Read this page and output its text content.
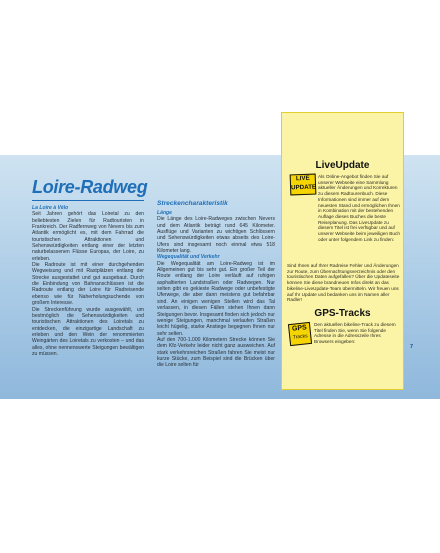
Loire-Radweg

La Loire à Vélo

Seit Jahren gehört das Loiretal zu den beliebtesten Zielen für Radtouristen in Frankreich. Der Radfernweg von Nevers bis zum Atlantik ermöglicht es, mit dem Fahrrad die touristischen Attraktionen und Sehenswürdigkeiten entlang einer der letzten naturbelassenen Flüsse Europas, der Loire, zu erleben.

Die Radroute ist mit einer durchgehenden Wegweisung und mit Rastplätzen entlang der Strecke ausgestattet und gut ausgebaut. Durch die Einbindung von Bahnanschlüssen ist die Radroute entlang der Loire für Radreisende ebenso wie für Naherholungsuchende von großem Interesse.

Die Streckenführung wurde ausgewählt, um bestmöglich die Sehenswürdigkeiten und touristischen Attraktionen des Loiretals zu entdecken, die einzigartige Landschaft zu erleben und den Wein der renommierten Weingärten des Loiretals zu verkosten – und das alles, ohne nennenswerte Steigungen bewältigen zu müssen.

Streckencharakteristik

Länge

Die Länge des Loire-Radweges zwischen Nevers und dem Atlantik beträgt rund 645 Kilometer. Ausflüge und Varianten zu wichtigen Schlössern und Sehenswürdigkeiten etwas abseits des Loire-Ufers sind insgesamt noch einmal etwa 518 Kilometer lang.

Wegequalität und Verkehr

Die Wegequalität am Loire-Radweg ist im Allgemeinen gut bis sehr gut. Ein großer Teil der Route entlang der Loire verläuft auf ruhigen asphaltierten Landstraßen oder Radwegen. Nur selten gibt es gekieste Radwege oder unbefestigte Uferwege, die aber dann meistens gut befahrbar sind. An einigen wenigen Stellen wird das Tal verlassen, in diesen Fällen stehen Ihnen dann Steigungen bevor. Insgesamt finden sich jedoch nur wenige Steigungen, manchmal verlaufen Straßen leicht hügelig, starke Anstiege begegnen Ihnen nur sehr selten.

Auf den 700-1.000 Kilometern Strecke können Sie dem Kfz-Verkehr leider nicht ganz ausweichen. Auf stark verkehrsreichen Straßen fahren Sie meist nur kurze Stücke, zum Beispiel sind die Brücken über die Loire selten für

LiveUpdate
LIVE
UPDATE
Als Online-Angebot finden Sie auf unserer Webseite eine Sammlung aktueller Änderungen und Korrekturen zu diesem Radtourenbuch. Diese Informationen sind immer auf dem neuesten Stand und ermöglichen Ihnen in Kombination mit der bestehenden Auflage dieses Buches die beste Reiseplanung. Das LiveUpdate zu diesem Titel ist frei verfügbar und auf unserer Webseite beim jeweiligen Buch oder unter folgendem Link zu finden:
Sind Ihnen auf Ihrer Radreise Fehler und Änderungen zur Route, zum Übernachtungsverzeichnis oder den touristischen Daten aufgefallen? Über die Updateseite können Sie diese brandneuen Infos direkt an das bikeline-LiveUpdate-Team übermitteln. Wir freuen uns auf Ihr Update und bedanken uns im Namen aller Radler!
GPS-Tracks
GPS
Tracks
Den aktuellen bikeline-Track zu diesem Titel finden Sie, wenn Sie folgende Adresse in die Adresszeile Ihres Browsers eingeben:
7
